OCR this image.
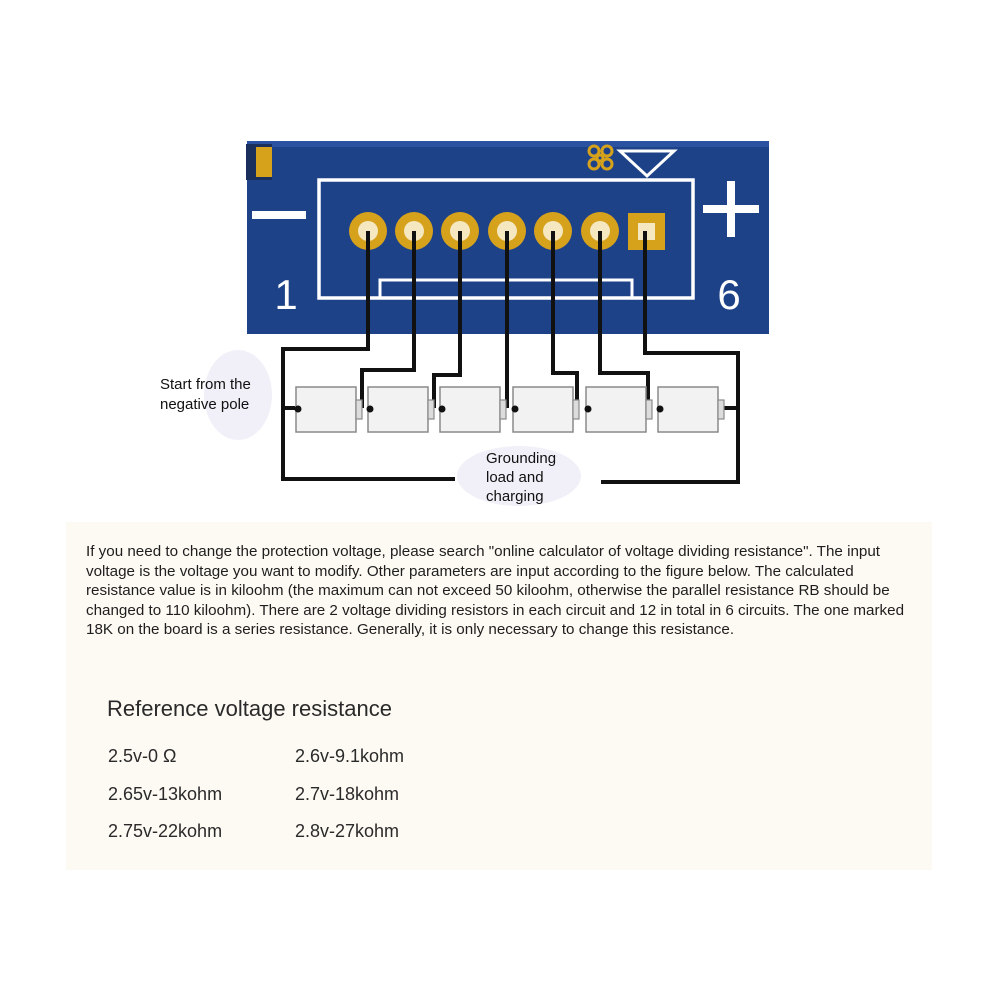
1	6
Start from the
negative pole
Grounding
load and
charging

If you need to change the protection voltage, please search "online calculator of voltage dividing resistance". The input voltage is the voltage you want to modify. Other parameters are input according to the figure below. The calculated resistance value is in kiloohm (the maximum can not exceed 50 kiloohm, otherwise the parallel resistance RB should be changed to 110 kiloohm). There are 2 voltage dividing resistors in each circuit and 12 in total in 6 circuits. The one marked 18K on the board is a series resistance. Generally, it is only necessary to change this resistance.

Reference voltage resistance
2.5v-0 Ω	2.6v-9.1kohm
2.65v-13kohm	2.7v-18kohm
2.75v-22kohm	2.8v-27kohm
